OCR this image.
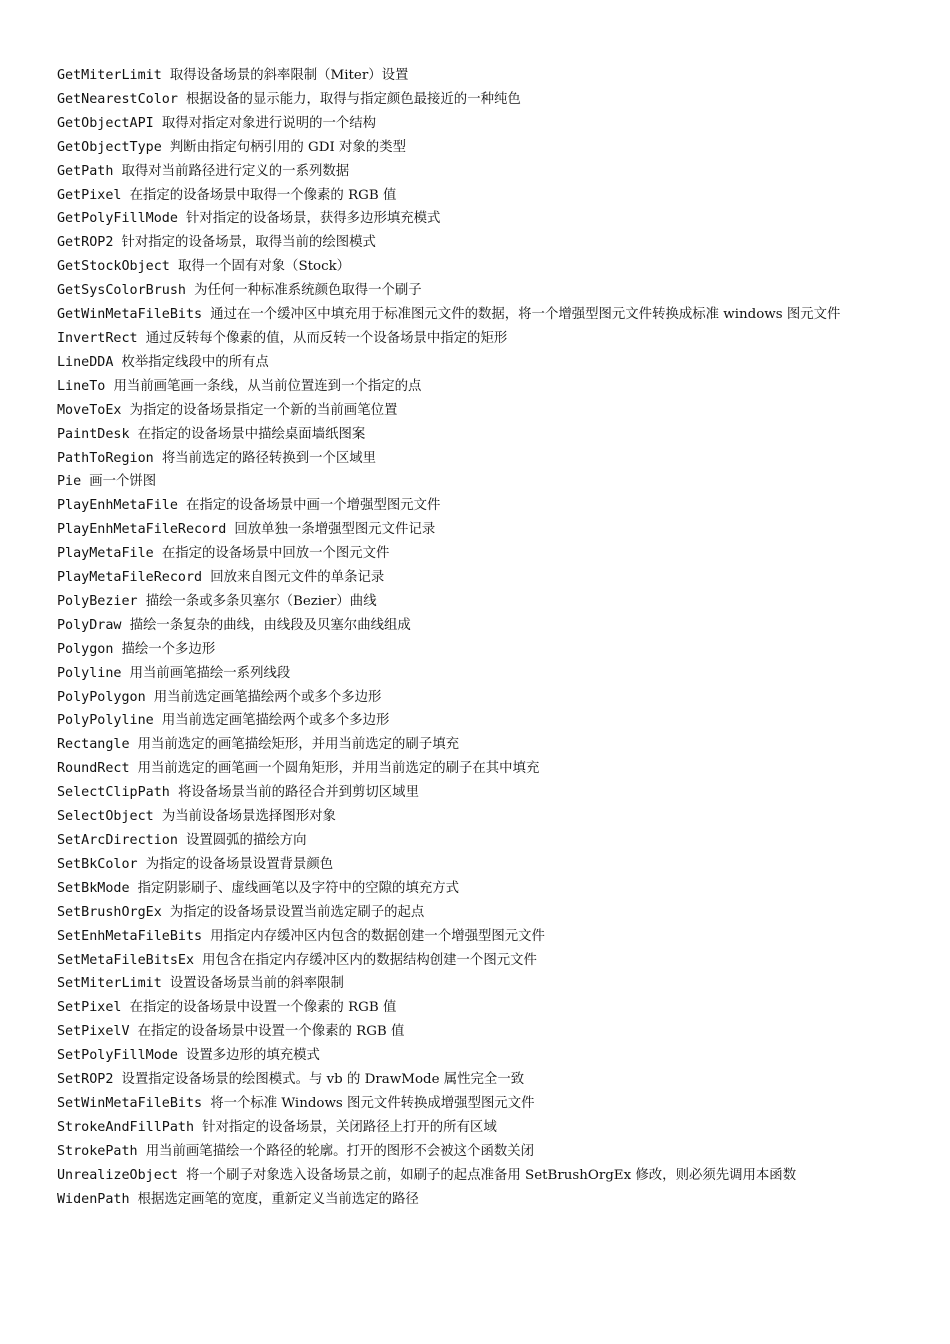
GetMiterLimit 取得设备场景的斜率限制（Miter）设置
GetNearestColor 根据设备的显示能力，取得与指定颜色最接近的一种纯色
GetObjectAPI 取得对指定对象进行说明的一个结构
GetObjectType 判断由指定句柄引用的 GDI 对象的类型
GetPath 取得对当前路径进行定义的一系列数据
GetPixel 在指定的设备场景中取得一个像素的 RGB 值
GetPolyFillMode 针对指定的设备场景，获得多边形填充模式
GetROP2 针对指定的设备场景，取得当前的绘图模式
GetStockObject 取得一个固有对象（Stock）
GetSysColorBrush 为任何一种标准系统颜色取得一个刷子
GetWinMetaFileBits 通过在一个缓冲区中填充用于标准图元文件的数据，将一个增强型图元文件转换成标准 windows 图元文件
InvertRect 通过反转每个像素的值，从而反转一个设备场景中指定的矩形
LineDDA 枚举指定线段中的所有点
LineTo 用当前画笔画一条线，从当前位置连到一个指定的点
MoveToEx 为指定的设备场景指定一个新的当前画笔位置
PaintDesk 在指定的设备场景中描绘桌面墙纸图案
PathToRegion 将当前选定的路径转换到一个区域里
Pie 画一个饼图
PlayEnhMetaFile 在指定的设备场景中画一个增强型图元文件
PlayEnhMetaFileRecord 回放单独一条增强型图元文件记录
PlayMetaFile 在指定的设备场景中回放一个图元文件
PlayMetaFileRecord 回放来自图元文件的单条记录
PolyBezier 描绘一条或多条贝塞尔（Bezier）曲线
PolyDraw 描绘一条复杂的曲线，由线段及贝塞尔曲线组成
Polygon 描绘一个多边形
Polyline 用当前画笔描绘一系列线段
PolyPolygon 用当前选定画笔描绘两个或多个多边形
PolyPolyline 用当前选定画笔描绘两个或多个多边形
Rectangle 用当前选定的画笔描绘矩形，并用当前选定的刷子填充
RoundRect 用当前选定的画笔画一个圆角矩形，并用当前选定的刷子在其中填充
SelectClipPath 将设备场景当前的路径合并到剪切区域里
SelectObject 为当前设备场景选择图形对象
SetArcDirection 设置圆弧的描绘方向
SetBkColor 为指定的设备场景设置背景颜色
SetBkMode 指定阴影刷子、虚线画笔以及字符中的空隙的填充方式
SetBrushOrgEx 为指定的设备场景设置当前选定刷子的起点
SetEnhMetaFileBits 用指定内存缓冲区内包含的数据创建一个增强型图元文件
SetMetaFileBitsEx 用包含在指定内存缓冲区内的数据结构创建一个图元文件
SetMiterLimit 设置设备场景当前的斜率限制
SetPixel 在指定的设备场景中设置一个像素的 RGB 值
SetPixelV 在指定的设备场景中设置一个像素的 RGB 值
SetPolyFillMode 设置多边形的填充模式
SetROP2 设置指定设备场景的绘图模式。与 vb 的 DrawMode 属性完全一致
SetWinMetaFileBits 将一个标准 Windows 图元文件转换成增强型图元文件
StrokeAndFillPath 针对指定的设备场景，关闭路径上打开的所有区域
StrokePath 用当前画笔描绘一个路径的轮廓。打开的图形不会被这个函数关闭
UnrealizeObject 将一个刷子对象选入设备场景之前，如刷子的起点准备用 SetBrushOrgEx 修改，则必须先调用本函数
WidenPath 根据选定画笔的宽度，重新定义当前选定的路径
